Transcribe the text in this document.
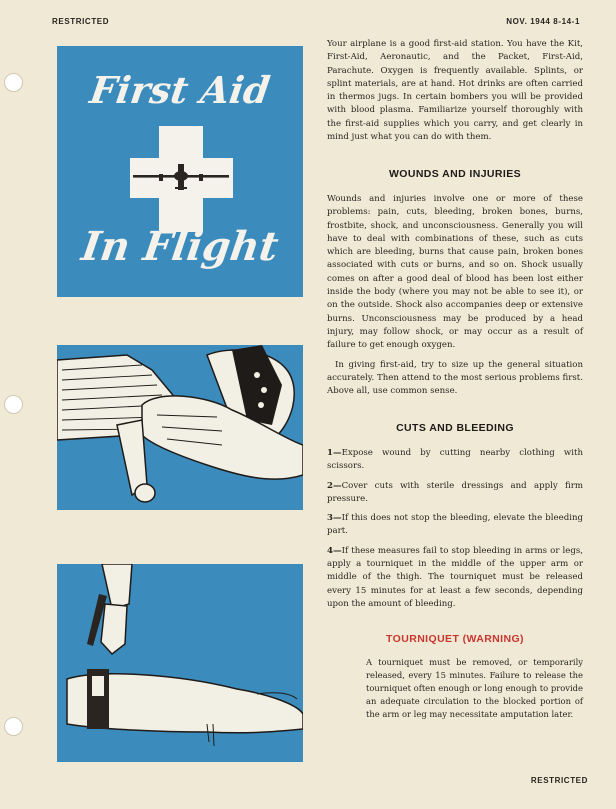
RESTRICTED	NOV. 1944 8-14-1
First Aid
In Flight

Your airplane is a good first-aid station. You have the Kit, First-Aid, Aeronautic, and the Packet, First-Aid, Parachute. Oxygen is frequently available. Splints, or splint materials, are at hand. Hot drinks are often carried in thermos jugs. In certain bombers you will be provided with blood plasma. Familiarize yourself thoroughly with the first-aid supplies which you carry, and get clearly in mind just what you can do with them.

WOUNDS AND INJURIES

Wounds and injuries involve one or more of these problems: pain, cuts, bleeding, broken bones, burns, frostbite, shock, and unconsciousness. Generally you will have to deal with combinations of these, such as cuts which are bleeding, burns that cause pain, broken bones associated with cuts or burns, and so on. Shock usually comes on after a good deal of blood has been lost either inside the body (where you may not be able to see it), or on the outside. Shock also accompanies deep or extensive burns. Unconsciousness may be produced by a head injury, may follow shock, or may occur as a result of failure to get enough oxygen.

In giving first-aid, try to size up the general situation accurately. Then attend to the most serious problems first. Above all, use common sense.

CUTS AND BLEEDING

1—Expose wound by cutting nearby clothing with scissors.

2—Cover cuts with sterile dressings and apply firm pressure.

3—If this does not stop the bleeding, elevate the bleeding part.

4—If these measures fail to stop bleeding in arms or legs, apply a tourniquet in the middle of the upper arm or middle of the thigh. The tourniquet must be released every 15 minutes for at least a few seconds, depending upon the amount of bleeding.

TOURNIQUET (WARNING)
A tourniquet must be removed, or temporarily released, every 15 minutes. Failure to release the tourniquet often enough or long enough to provide an adequate circulation to the blocked portion of the arm or leg may necessitate amputation later.
RESTRICTED
